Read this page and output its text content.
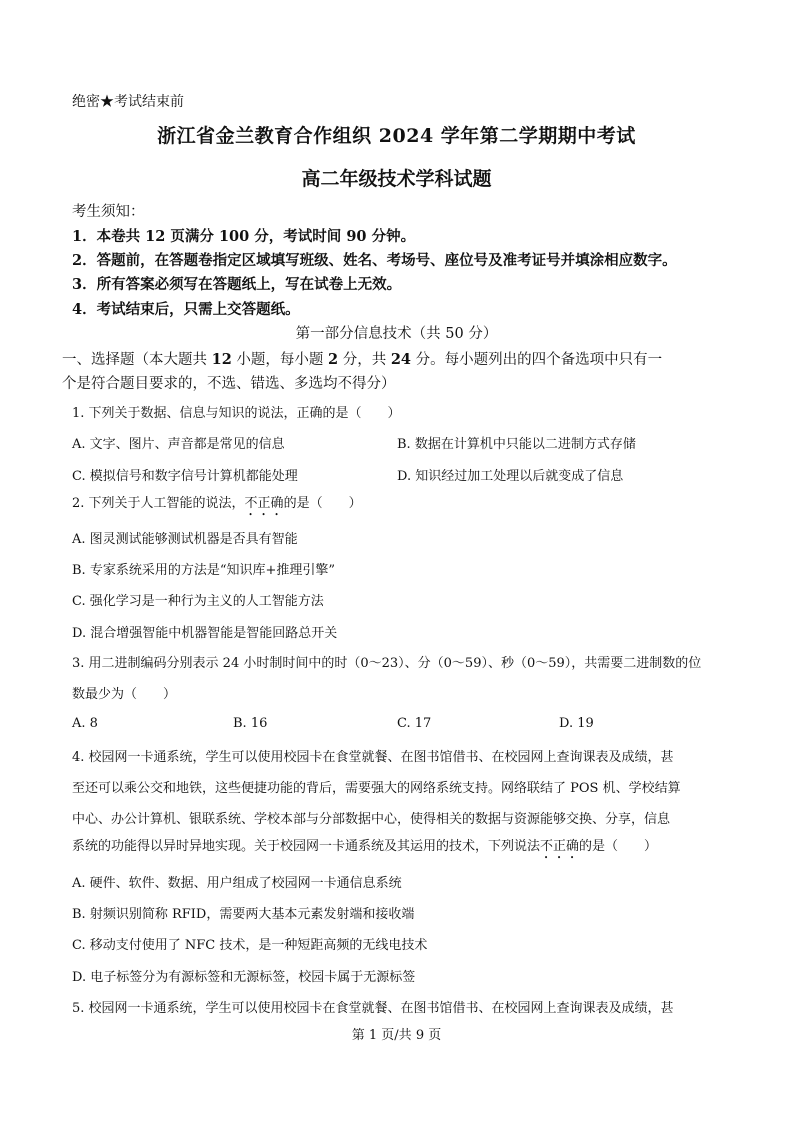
绝密★考试结束前
浙江省金兰教育合作组织 2024 学年第二学期期中考试
高二年级技术学科试题
考生须知：
1．本卷共 12 页满分 100 分，考试时间 90 分钟。
2．答题前，在答题卷指定区域填写班级、姓名、考场号、座位号及准考证号并填涂相应数字。
3．所有答案必须写在答题纸上，写在试卷上无效。
4．考试结束后，只需上交答题纸。
第一部分信息技术（共 50 分）
一、选择题（本大题共 12 小题，每小题 2 分，共 24 分。每小题列出的四个备选项中只有一
个是符合题目要求的，不选、错选、多选均不得分）
1. 下列关于数据、信息与知识的说法，正确的是（　　）
A. 文字、图片、声音都是常见的信息	B. 数据在计算机中只能以二进制方式存储
C. 模拟信号和数字信号计算机都能处理	D. 知识经过加工处理以后就变成了信息
2. 下列关于人工智能的说法，不正确的是（　　）
A. 图灵测试能够测试机器是否具有智能
B. 专家系统采用的方法是“知识库+推理引擎”
C. 强化学习是一种行为主义的人工智能方法
D. 混合增强智能中机器智能是智能回路总开关
3. 用二进制编码分别表示 24 小时制时间中的时（0～23）、分（0～59）、秒（0～59），共需要二进制数的位
数最少为（　　）
A. 8	B. 16	C. 17	D. 19
4. 校园网一卡通系统，学生可以使用校园卡在食堂就餐、在图书馆借书、在校园网上查询课表及成绩，甚
至还可以乘公交和地铁，这些便捷功能的背后，需要强大的网络系统支持。网络联结了 POS 机、学校结算
中心、办公计算机、银联系统、学校本部与分部数据中心，使得相关的数据与资源能够交换、分享，信息
系统的功能得以异时异地实现。关于校园网一卡通系统及其运用的技术，下列说法不正确的是（　　）
A. 硬件、软件、数据、用户组成了校园网一卡通信息系统
B. 射频识别简称 RFID，需要两大基本元素发射端和接收端
C. 移动支付使用了 NFC 技术，是一种短距高频的无线电技术
D. 电子标签分为有源标签和无源标签，校园卡属于无源标签
5. 校园网一卡通系统，学生可以使用校园卡在食堂就餐、在图书馆借书、在校园网上查询课表及成绩，甚
第 1 页/共 9 页
